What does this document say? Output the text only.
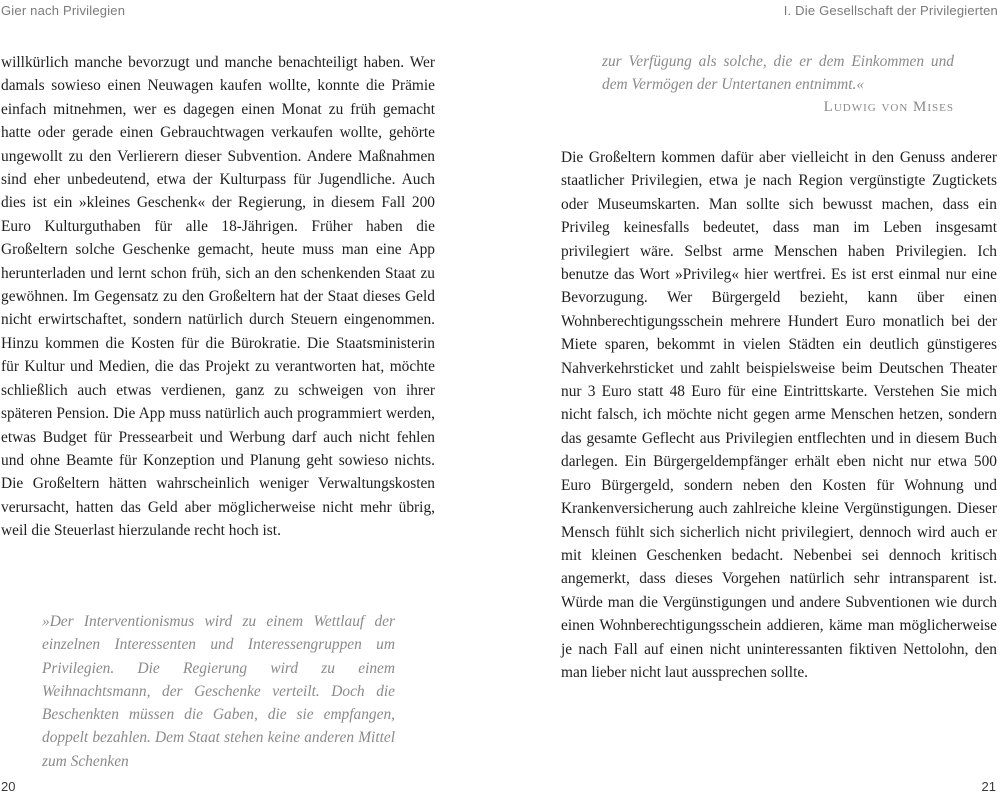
Gier nach Privilegien	I. Die Gesellschaft der Privilegierten

willkürlich manche bevorzugt und manche benachteiligt haben. Wer damals sowieso einen Neuwagen kaufen wollte, konnte die Prämie einfach mitnehmen, wer es dagegen einen Monat zu früh gemacht hatte oder gerade einen Gebrauchtwagen verkaufen wollte, gehörte ungewollt zu den Verlierern dieser Subvention. Andere Maßnahmen sind eher unbedeutend, etwa der Kulturpass für Jugendliche. Auch dies ist ein »kleines Geschenk« der Regierung, in diesem Fall 200 Euro Kulturguthaben für alle 18-Jährigen. Früher haben die Großeltern solche Geschenke gemacht, heute muss man eine App herunterladen und lernt schon früh, sich an den schenkenden Staat zu gewöhnen. Im Gegensatz zu den Großeltern hat der Staat dieses Geld nicht erwirtschaftet, sondern natürlich durch Steuern eingenommen. Hinzu kommen die Kosten für die Bürokratie. Die Staatsministerin für Kultur und Medien, die das Projekt zu verantworten hat, möchte schließlich auch etwas verdienen, ganz zu schweigen von ihrer späteren Pension. Die App muss natürlich auch programmiert werden, etwas Budget für Pressearbeit und Werbung darf auch nicht fehlen und ohne Beamte für Konzeption und Planung geht sowieso nichts. Die Großeltern hätten wahrscheinlich weniger Verwaltungskosten verursacht, hatten das Geld aber möglicherweise nicht mehr übrig, weil die Steuerlast hierzulande recht hoch ist.

»Der Interventionismus wird zu einem Wettlauf der einzelnen Interessenten und Interessengruppen um Privilegien. Die Regierung wird zu einem Weihnachtsmann, der Geschenke verteilt. Doch die Beschenkten müssen die Gaben, die sie empfangen, doppelt bezahlen. Dem Staat stehen keine anderen Mittel zum Schenken
zur Verfügung als solche, die er dem Einkommen und dem Vermögen der Untertanen entnimmt.«
Ludwig von Mises

Die Großeltern kommen dafür aber vielleicht in den Genuss anderer staatlicher Privilegien, etwa je nach Region vergünstigte Zugtickets oder Museumskarten. Man sollte sich bewusst machen, dass ein Privileg keinesfalls bedeutet, dass man im Leben insgesamt privilegiert wäre. Selbst arme Menschen haben Privilegien. Ich benutze das Wort »Privileg« hier wertfrei. Es ist erst einmal nur eine Bevorzugung. Wer Bürgergeld bezieht, kann über einen Wohnberechtigungsschein mehrere Hundert Euro monatlich bei der Miete sparen, bekommt in vielen Städten ein deutlich günstigeres Nahverkehrsticket und zahlt beispielsweise beim Deutschen Theater nur 3 Euro statt 48 Euro für eine Eintrittskarte. Verstehen Sie mich nicht falsch, ich möchte nicht gegen arme Menschen hetzen, sondern das gesamte Geflecht aus Privilegien entflechten und in diesem Buch darlegen. Ein Bürgergeldempfänger erhält eben nicht nur etwa 500 Euro Bürgergeld, sondern neben den Kosten für Wohnung und Krankenversicherung auch zahlreiche kleine Vergünstigungen. Dieser Mensch fühlt sich sicherlich nicht privilegiert, dennoch wird auch er mit kleinen Geschenken bedacht. Nebenbei sei dennoch kritisch angemerkt, dass dieses Vorgehen natürlich sehr intransparent ist. Würde man die Vergünstigungen und andere Subventionen wie durch einen Wohnberechtigungsschein addieren, käme man möglicherweise je nach Fall auf einen nicht uninteressanten fiktiven Nettolohn, den man lieber nicht laut aussprechen sollte.

20	21
